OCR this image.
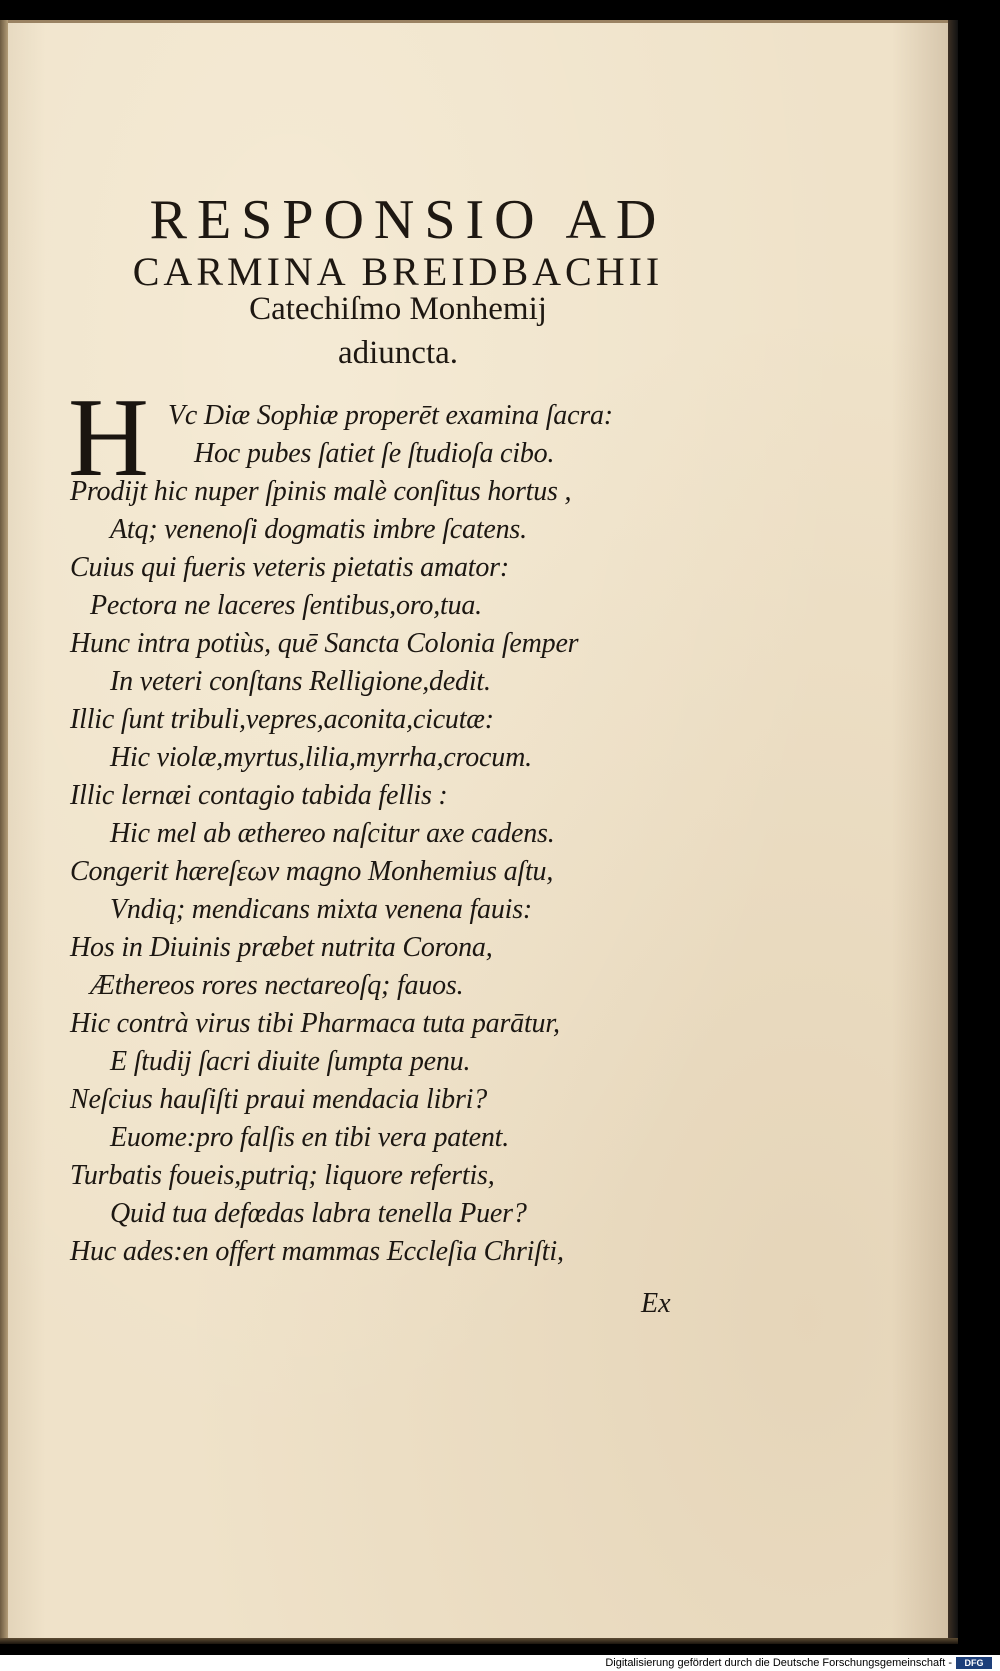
RESPONSIO AD
CARMINA BREIDBACHII
Catechiſmo Monhemij
adiuncta.
H Vc Diæ Sophiæ properēt examina ſacra:
Hoc pubes ſatiet ſe ſtudioſa cibo.
Prodijt hic nuper ſpinis malè conſitus hortus ,
Atq; venenoſi dogmatis imbre ſcatens.
Cuius qui fueris veteris pietatis amator:
Pectora ne laceres ſentibus,oro,tua.
Hunc intra potiùs, quē Sancta Colonia ſemper
In veteri conſtans Relligione,dedit.
Illic ſunt tribuli,vepres,aconita,cicutæ:
Hic violæ,myrtus,lilia,myrrha,crocum.
Illic lernæi contagio tabida fellis :
Hic mel ab æthereo naſcitur axe cadens.
Congerit hæreſεων magno Monhemius aſtu,
Vndiq; mendicans mixta venena fauis:
Hos in Diuinis præbet nutrita Corona,
Æthereos rores nectareoſq; fauos.
Hic contrà virus tibi Pharmaca tuta parātur,
E ſtudij ſacri diuite ſumpta penu.
Neſcius hauſiſti praui mendacia libri?
Euome:pro falſis en tibi vera patent.
Turbatis foueis,putriq; liquore refertis,
Quid tua defœdas labra tenella Puer?
Huc ades:en offert mammas Eccleſia Chriſti,
Ex
Digitalisierung gefördert durch die Deutsche Forschungsgemeinschaft -	DFG
